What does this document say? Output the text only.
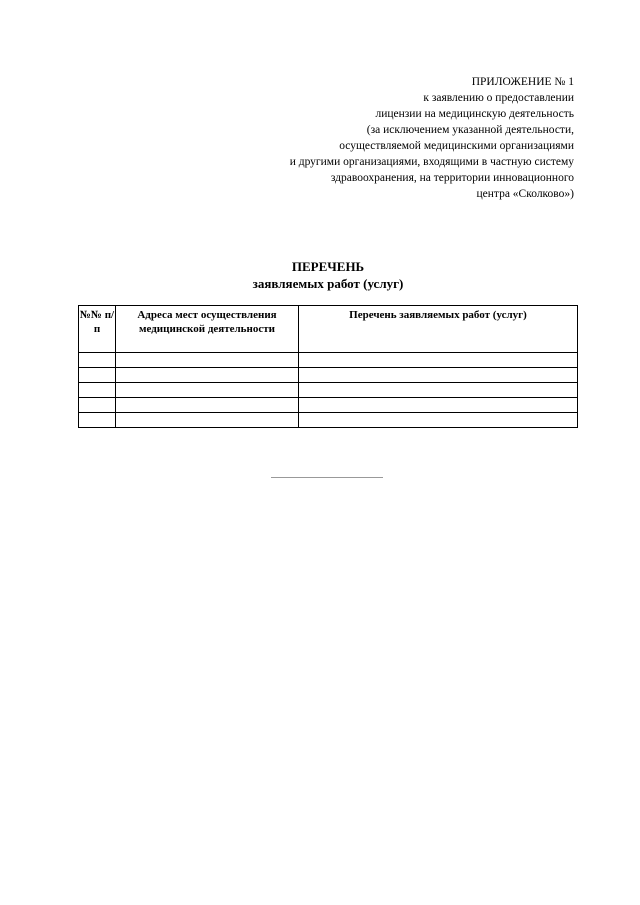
ПРИЛОЖЕНИЕ № 1
к заявлению о предоставлении
лицензии на медицинскую деятельность
(за исключением указанной деятельности,
осуществляемой медицинскими организациями
и другими организациями, входящими в частную систему
здравоохранения, на территории инновационного
центра «Сколково»)
ПЕРЕЧЕНЬ
заявляемых работ (услуг)
№№ п/п	Адреса мест осуществления медицинской деятельности	Перечень заявляемых работ (услуг)
